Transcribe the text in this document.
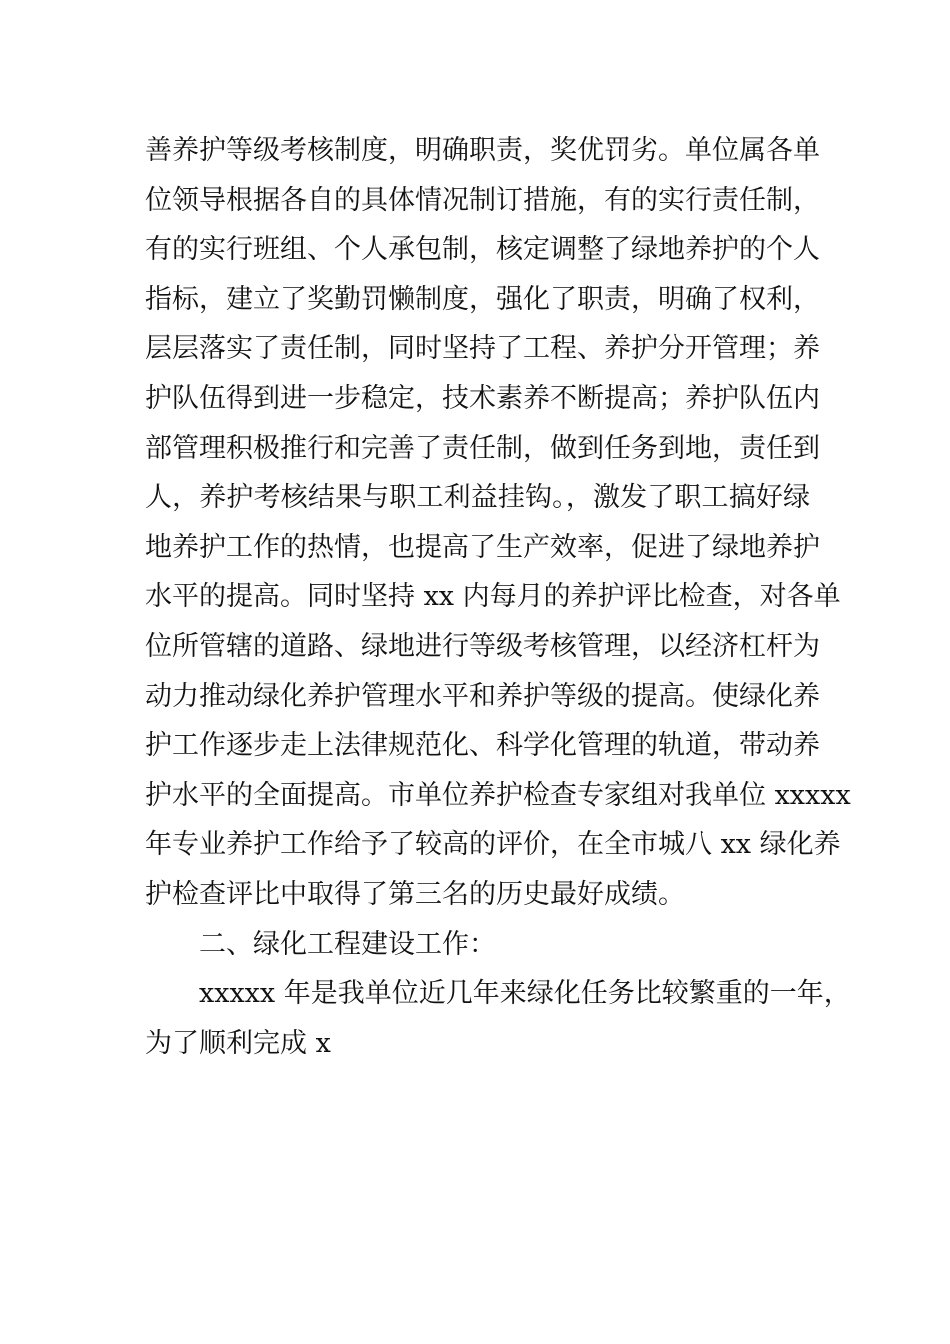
善养护等级考核制度，明确职责，奖优罚劣。单位属各单
位领导根据各自的具体情况制订措施，有的实行责任制，
有的实行班组、个人承包制，核定调整了绿地养护的个人
指标，建立了奖勤罚懒制度，强化了职责，明确了权利，
层层落实了责任制，同时坚持了工程、养护分开管理；养
护队伍得到进一步稳定，技术素养不断提高；养护队伍内
部管理积极推行和完善了责任制，做到任务到地，责任到
人，养护考核结果与职工利益挂钩。，激发了职工搞好绿
地养护工作的热情，也提高了生产效率，促进了绿地养护
水平的提高。同时坚持 xx 内每月的养护评比检查，对各单
位所管辖的道路、绿地进行等级考核管理，以经济杠杆为
动力推动绿化养护管理水平和养护等级的提高。使绿化养
护工作逐步走上法律规范化、科学化管理的轨道，带动养
护水平的全面提高。市单位养护检查专家组对我单位 xxxxx
年专业养护工作给予了较高的评价，在全市城八 xx 绿化养
护检查评比中取得了第三名的历史最好成绩。
二、绿化工程建设工作：
xxxxx 年是我单位近几年来绿化任务比较繁重的一年，
为了顺利完成 x
